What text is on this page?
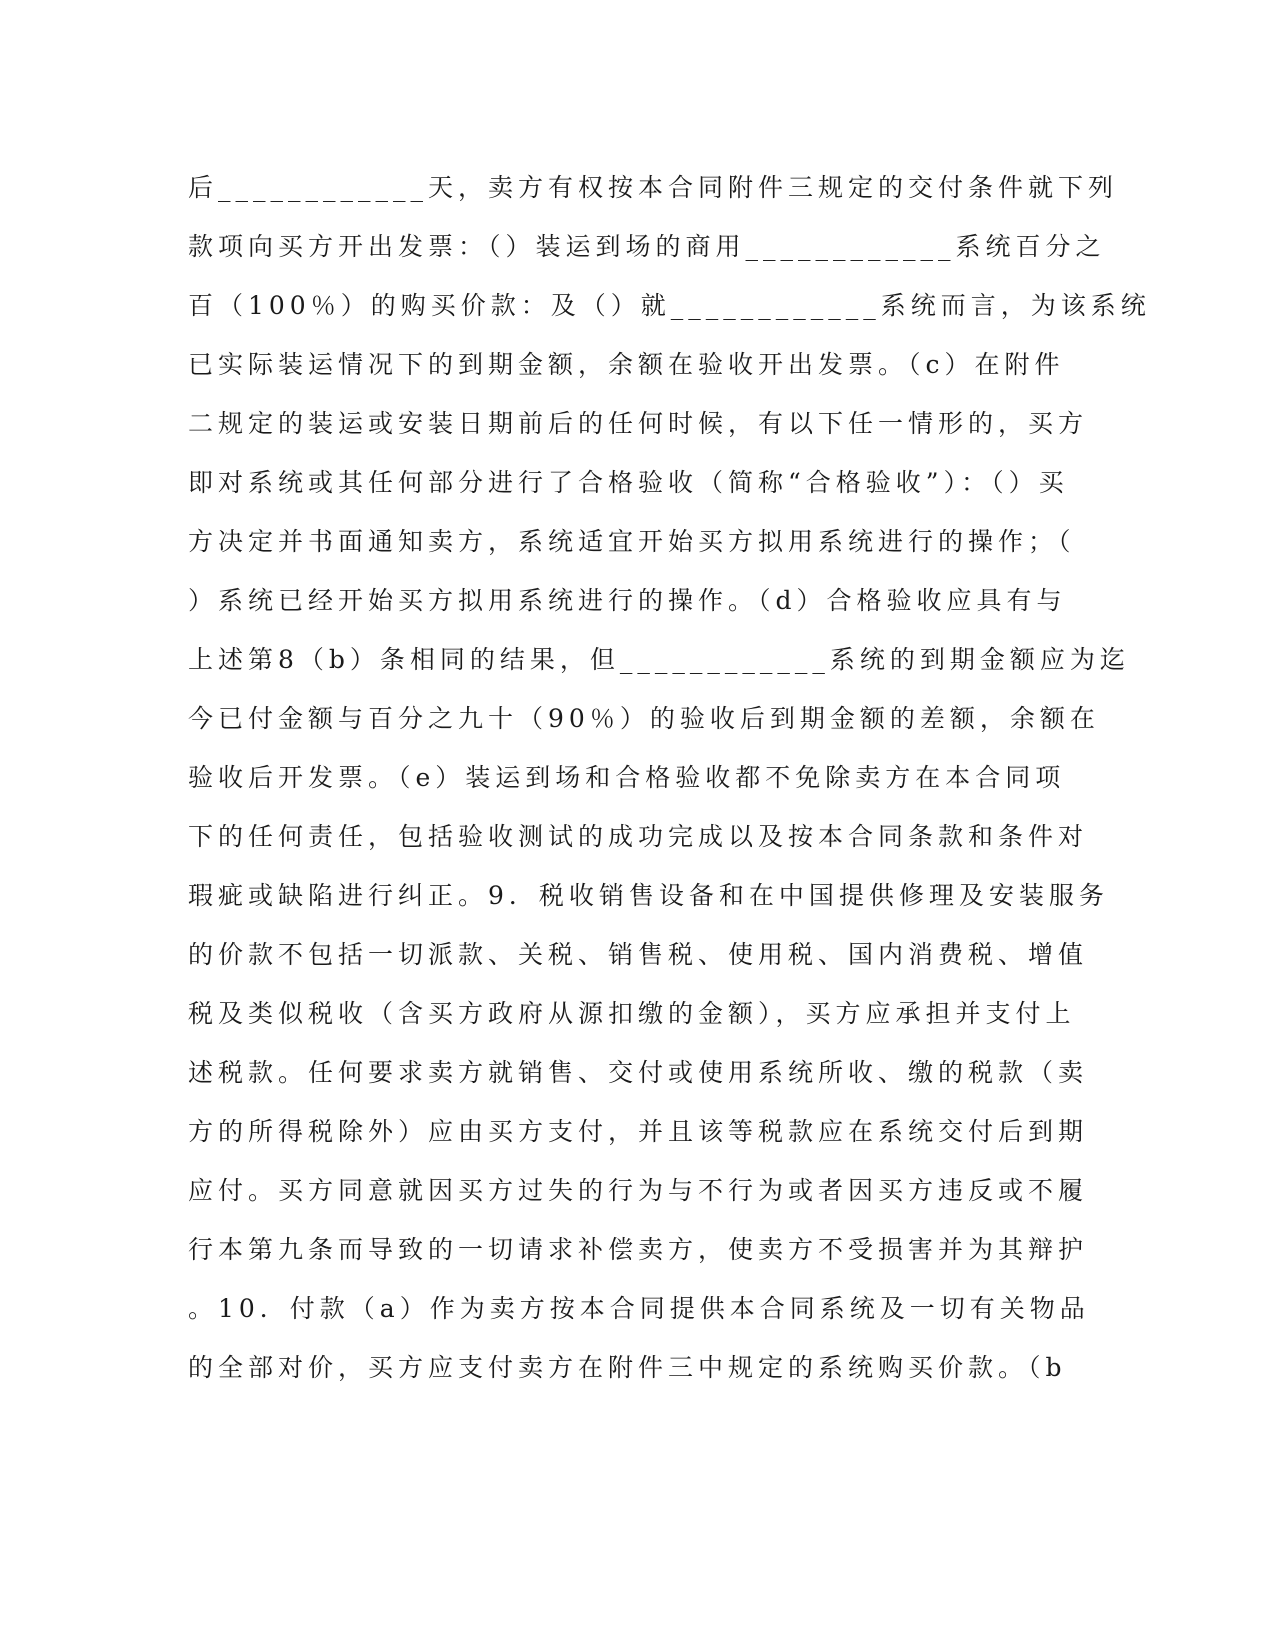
后____________天，卖方有权按本合同附件三规定的交付条件就下列
款项向买方开出发票：（）装运到场的商用____________系统百分之
百（100％）的购买价款：及（）就____________系统而言，为该系统
已实际装运情况下的到期金额，余额在验收开出发票。（c）在附件
二规定的装运或安装日期前后的任何时候，有以下任一情形的，买方
即对系统或其任何部分进行了合格验收（简称“合格验收”）：（）买
方决定并书面通知卖方，系统适宜开始买方拟用系统进行的操作；（
）系统已经开始买方拟用系统进行的操作。（d）合格验收应具有与
上述第8（b）条相同的结果，但____________系统的到期金额应为迄
今已付金额与百分之九十（90％）的验收后到期金额的差额，余额在
验收后开发票。（e）装运到场和合格验收都不免除卖方在本合同项
下的任何责任，包括验收测试的成功完成以及按本合同条款和条件对
瑕疵或缺陷进行纠正。9．税收销售设备和在中国提供修理及安装服务
的价款不包括一切派款、关税、销售税、使用税、国内消费税、增值
税及类似税收（含买方政府从源扣缴的金额），买方应承担并支付上
述税款。任何要求卖方就销售、交付或使用系统所收、缴的税款（卖
方的所得税除外）应由买方支付，并且该等税款应在系统交付后到期
应付。买方同意就因买方过失的行为与不行为或者因买方违反或不履
行本第九条而导致的一切请求补偿卖方，使卖方不受损害并为其辩护
。10．付款（a）作为卖方按本合同提供本合同系统及一切有关物品
的全部对价，买方应支付卖方在附件三中规定的系统购买价款。（b
